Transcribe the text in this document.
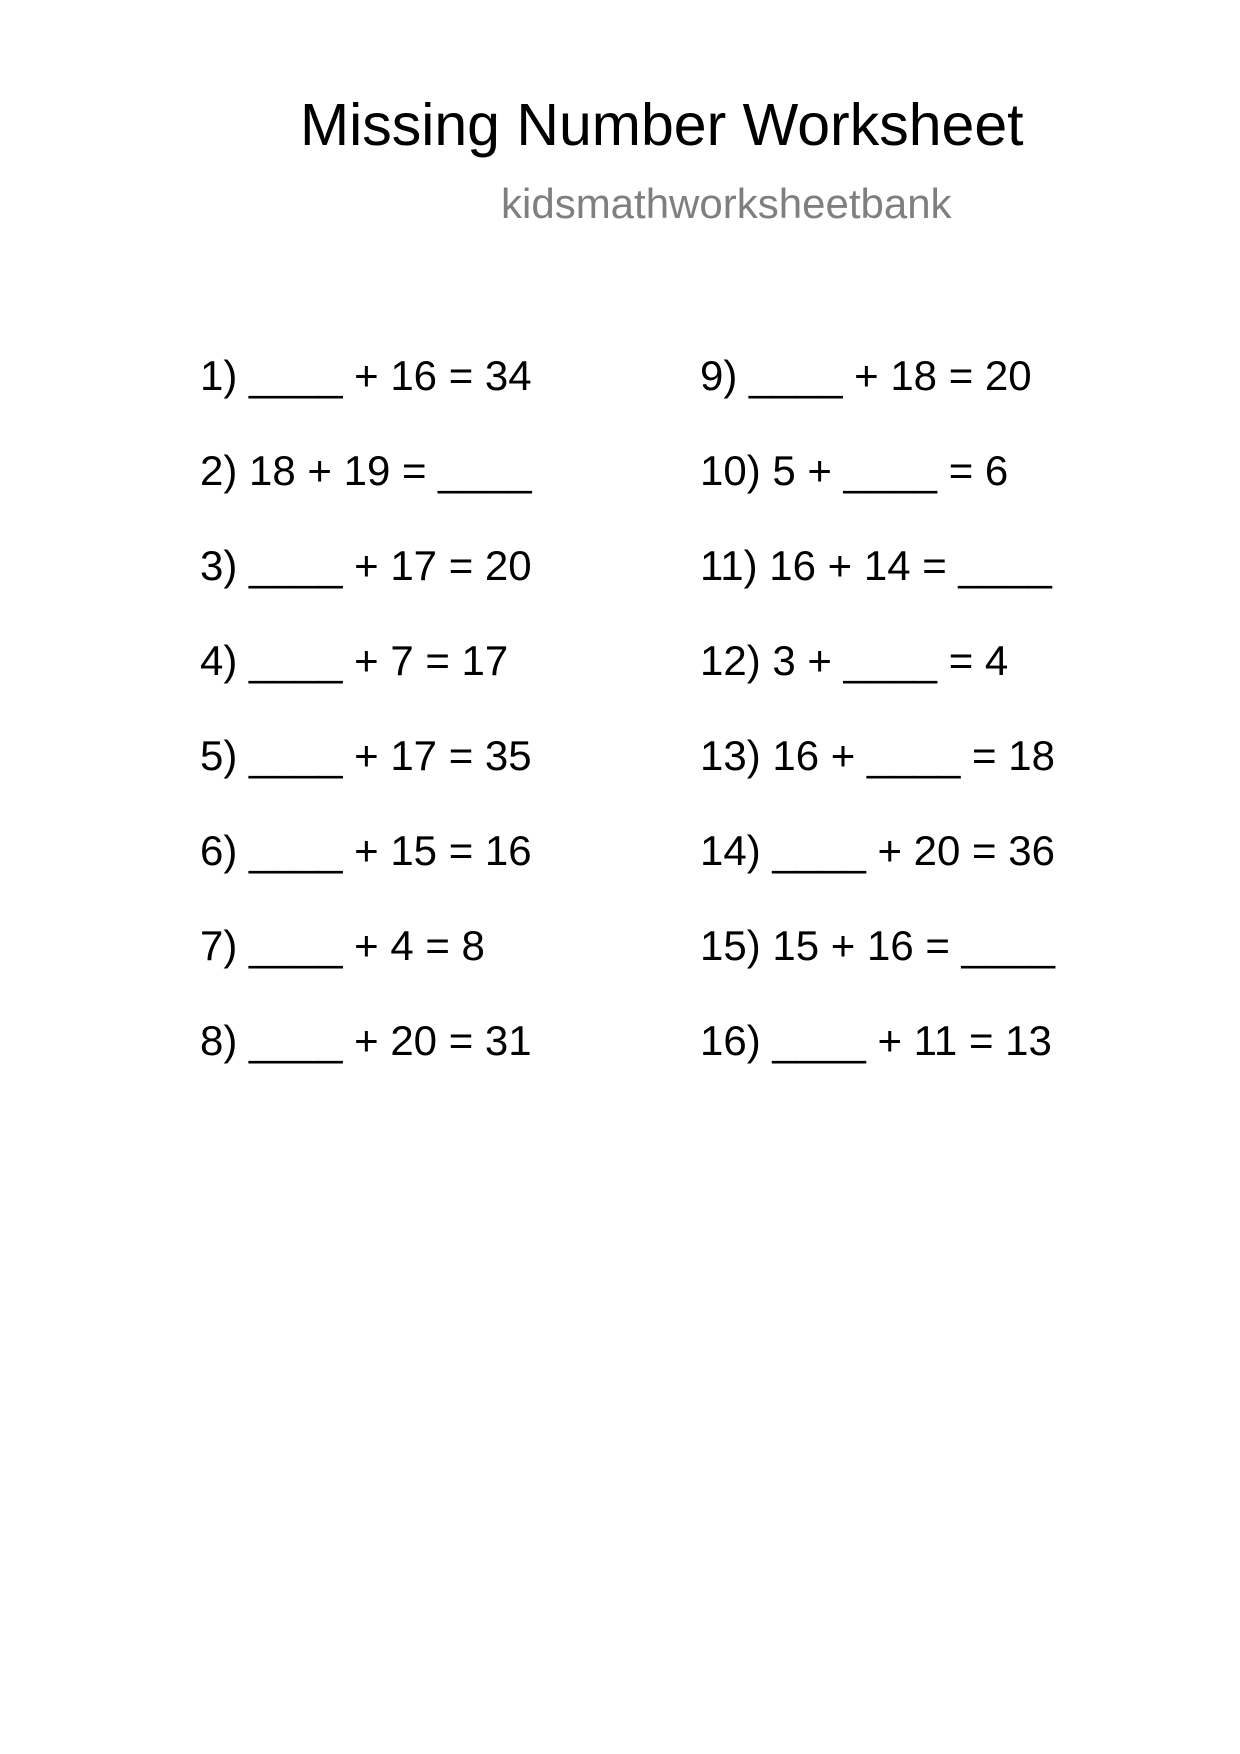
Missing Number Worksheet
kidsmathworksheetbank
1) ____ + 16 = 34
2) 18 + 19 = ____
3) ____ + 17 = 20
4) ____ + 7 = 17
5) ____ + 17 = 35
6) ____ + 15 = 16
7) ____ + 4 = 8
8) ____ + 20 = 31
9) ____ + 18 = 20
10) 5 + ____ = 6
11) 16 + 14 = ____
12) 3 + ____ = 4
13) 16 + ____ = 18
14) ____ + 20 = 36
15) 15 + 16 = ____
16) ____ + 11 = 13
